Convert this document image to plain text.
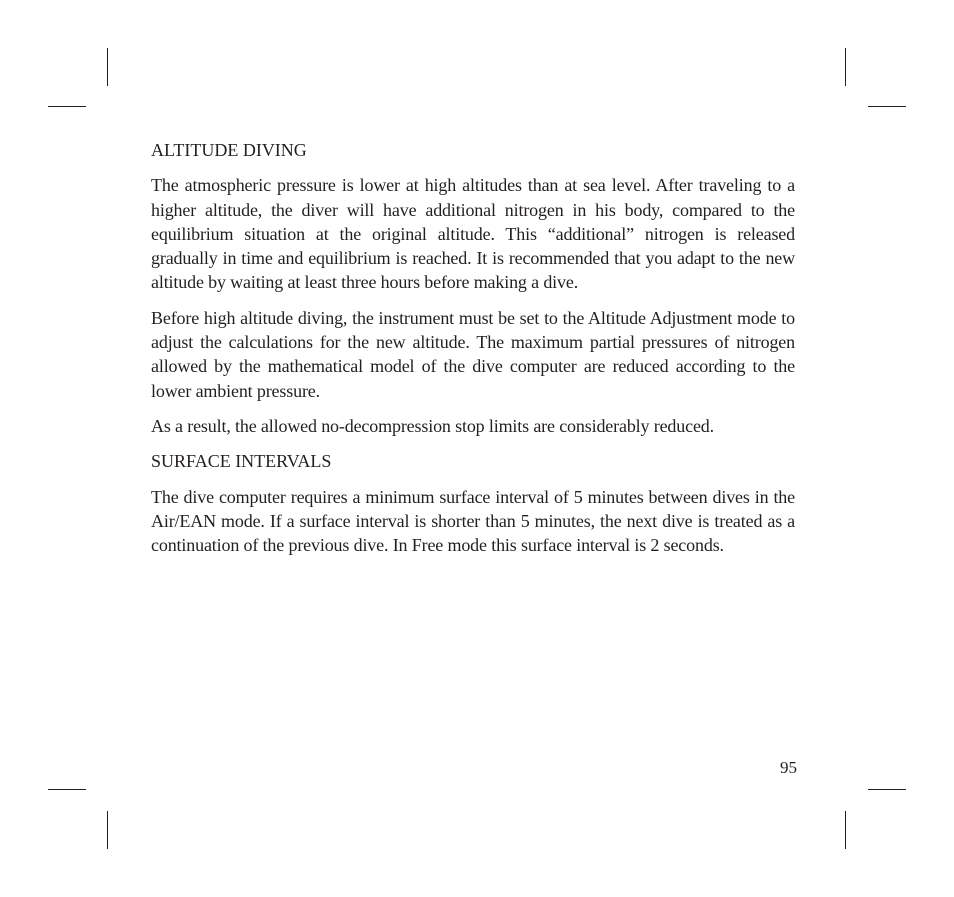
ALTITUDE DIVING

The atmospheric pressure is lower at high altitudes than at sea level. After traveling to a higher altitude, the diver will have additional nitrogen in his body, compared to the equilibrium situation at the original altitude. This “additional” nitrogen is released gradually in time and equilibrium is reached. It is recommended that you adapt to the new altitude by waiting at least three hours before making a dive.

Before high altitude diving, the instrument must be set to the Altitude Adjustment mode to adjust the calculations for the new altitude. The maximum partial pressures of nitrogen allowed by the mathematical model of the dive computer are reduced according to the lower ambient pressure.

As a result, the allowed no-decompression stop limits are considerably reduced.

SURFACE INTERVALS

The dive computer requires a minimum surface interval of 5 minutes between dives in the Air/EAN mode. If a surface interval is shorter than 5 minutes, the next dive is treated as a continuation of the previous dive. In Free mode this surface interval is 2 seconds.

95
